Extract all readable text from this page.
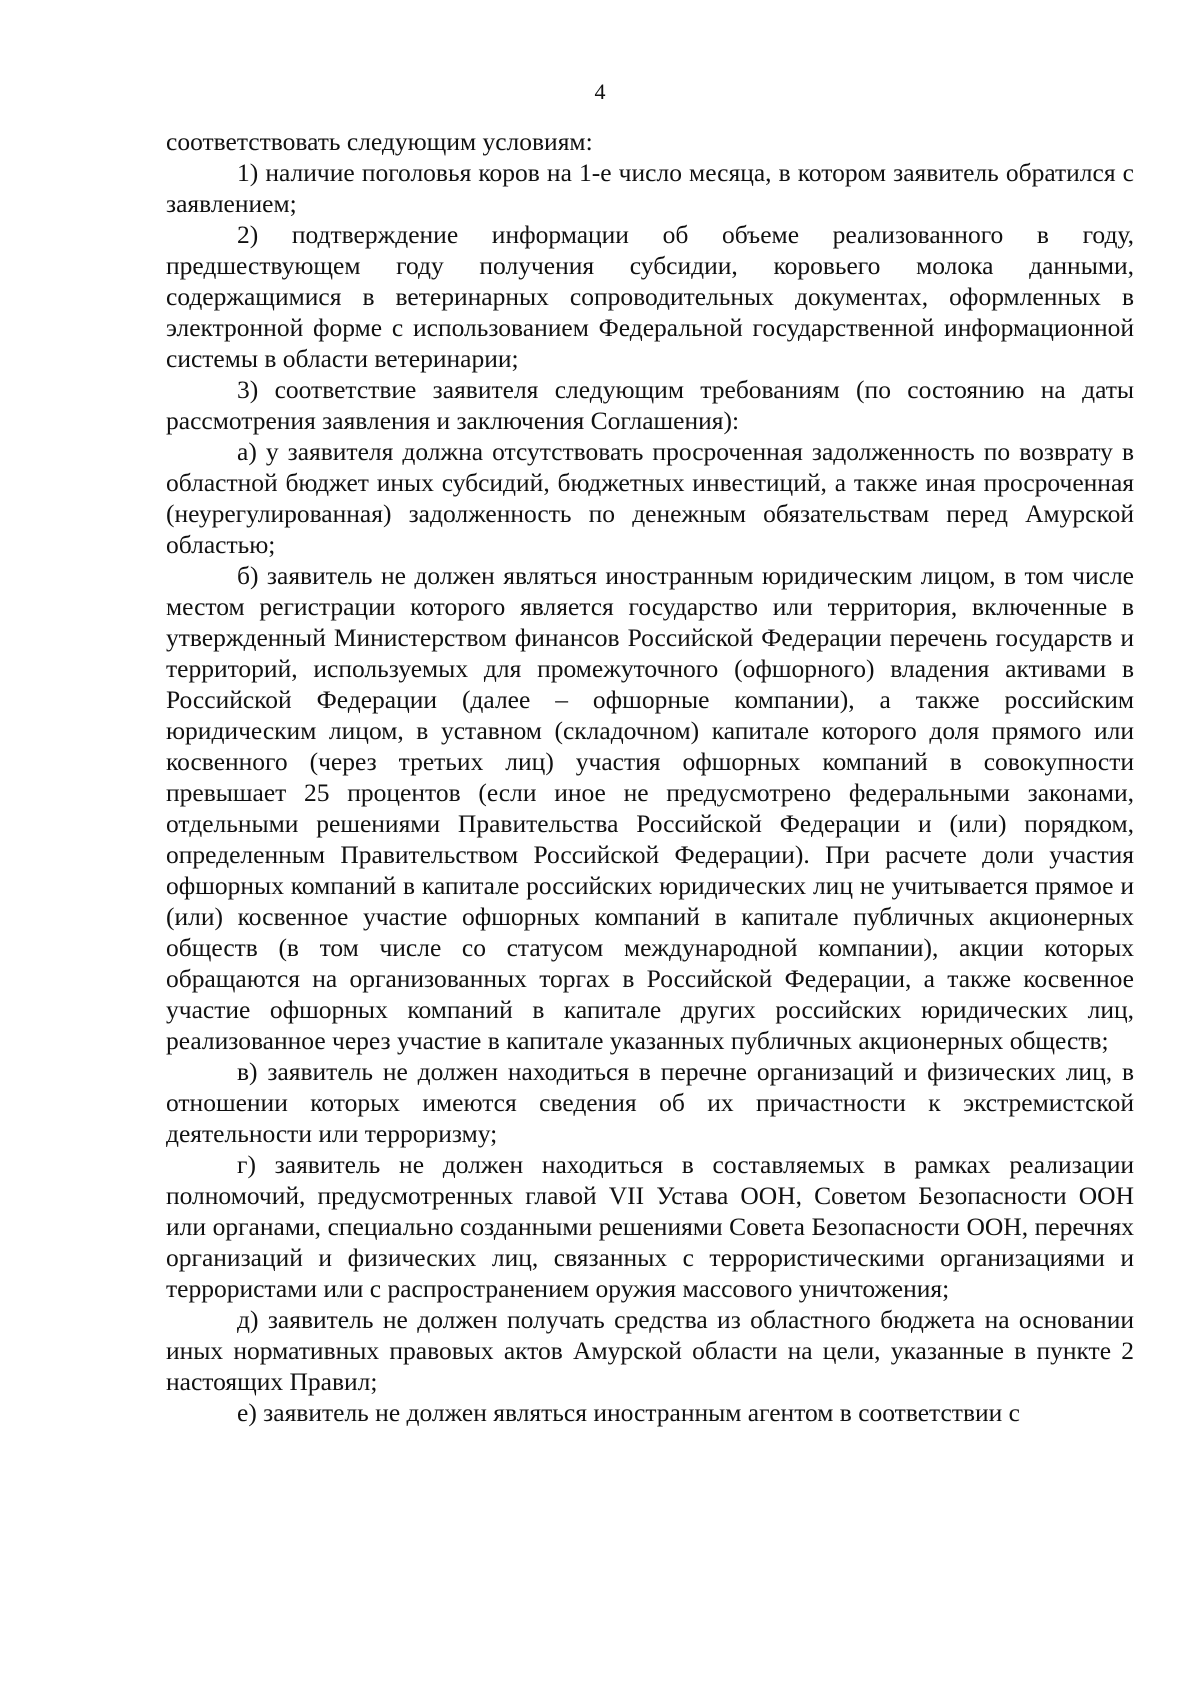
4

соответствовать следующим условиям:

1) наличие поголовья коров на 1-е число месяца, в котором заявитель обратился с заявлением;

2) подтверждение информации об объеме реализованного в году, предшествующем году получения субсидии, коровьего молока данными, содержащимися в ветеринарных сопроводительных документах, оформленных в электронной форме с использованием Федеральной государственной информационной системы в области ветеринарии;

3) соответствие заявителя следующим требованиям (по состоянию на даты рассмотрения заявления и заключения Соглашения):

а) у заявителя должна отсутствовать просроченная задолженность по возврату в областной бюджет иных субсидий, бюджетных инвестиций, а также иная просроченная (неурегулированная) задолженность по денежным обязательствам перед Амурской областью;

б) заявитель не должен являться иностранным юридическим лицом, в том числе местом регистрации которого является государство или территория, включенные в утвержденный Министерством финансов Российской Федерации перечень государств и территорий, используемых для промежуточного (офшорного) владения активами в Российской Федерации (далее – офшорные компании), а также российским юридическим лицом, в уставном (складочном) капитале которого доля прямого или косвенного (через третьих лиц) участия офшорных компаний в совокупности превышает 25 процентов (если иное не предусмотрено федеральными законами, отдельными решениями Правительства Российской Федерации и (или) порядком, определенным Правительством Российской Федерации). При расчете доли участия офшорных компаний в капитале российских юридических лиц не учитывается прямое и (или) косвенное участие офшорных компаний в капитале публичных акционерных обществ (в том числе со статусом международной компании), акции которых обращаются на организованных торгах в Российской Федерации, а также косвенное участие офшорных компаний в капитале других российских юридических лиц, реализованное через участие в капитале указанных публичных акционерных обществ;

в) заявитель не должен находиться в перечне организаций и физических лиц, в отношении которых имеются сведения об их причастности к экстремистской деятельности или терроризму;

г) заявитель не должен находиться в составляемых в рамках реализации полномочий, предусмотренных главой VII Устава ООН, Советом Безопасности ООН или органами, специально созданными решениями Совета Безопасности ООН, перечнях организаций и физических лиц, связанных с террористическими организациями и террористами или с распространением оружия массового уничтожения;

д) заявитель не должен получать средства из областного бюджета на основании иных нормативных правовых актов Амурской области на цели, указанные в пункте 2 настоящих Правил;

е) заявитель не должен являться иностранным агентом в соответствии с
